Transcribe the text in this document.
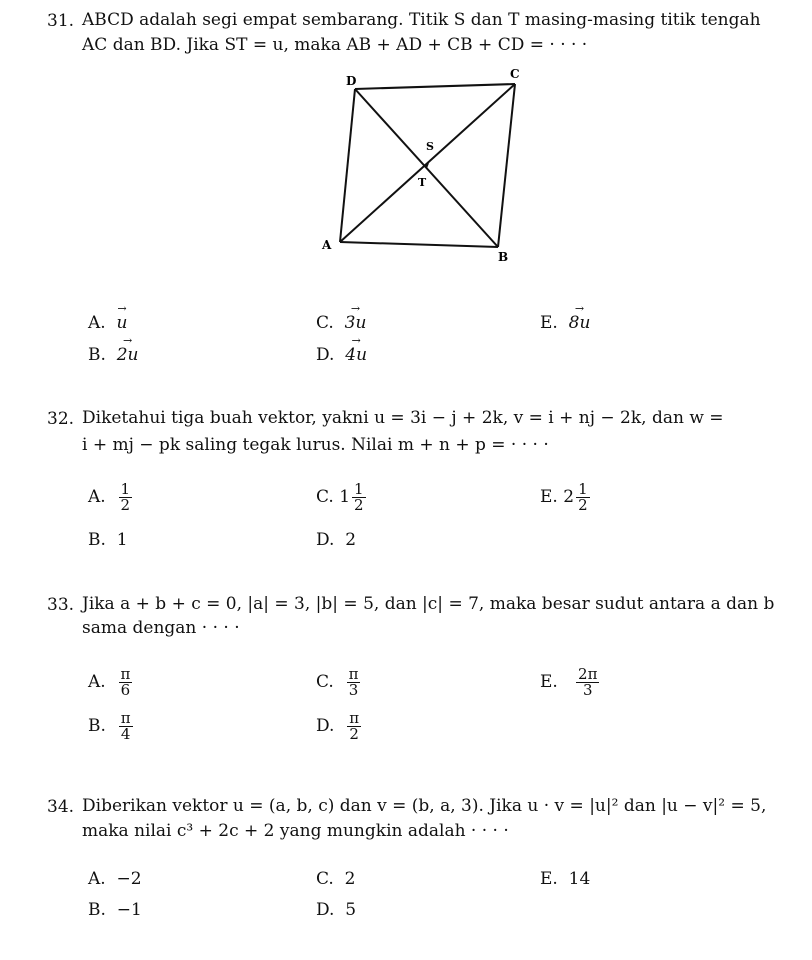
31. ABCD adalah segi empat sembarang. Titik S dan T masing-masing titik tengah
AC dan BD. Jika ST = u, maka AB + AD + CB + CD = · · · ·
D	C
S
T
A
B
A. → u	C. → 3u	E. → 8u
B. → 2u	D. → 4u
32. Diketahui tiga buah vektor, yakni u = 3i − j + 2k, v = i + nj − 2k, dan w =
i + mj − pk saling tegak lurus. Nilai m + n + p = · · · ·
A. $\frac{1}{2}$	C. $1 \frac{1}{2}$	E. $2 \frac{1}{2}$
B. 1	D. 2
33. Jika a + b + c = 0, |a| = 3, |b| = 5, dan |c| = 7, maka besar sudut antara a dan b
sama dengan · · · ·
A. $\frac{\pi}{6}$	C. $\frac{\pi}{3}$	E. $\frac{2\pi}{3}$
B. $\frac{\pi}{4}$	D. $\frac{\pi}{2}$
34. Diberikan vektor u = (a, b, c) dan v = (b, a, 3). Jika u · v = |u|² dan |u − v|² = 5,
maka nilai c³ + 2c + 2 yang mungkin adalah · · · ·
A. −2	C. 2	E. 14
B. −1	D. 5
